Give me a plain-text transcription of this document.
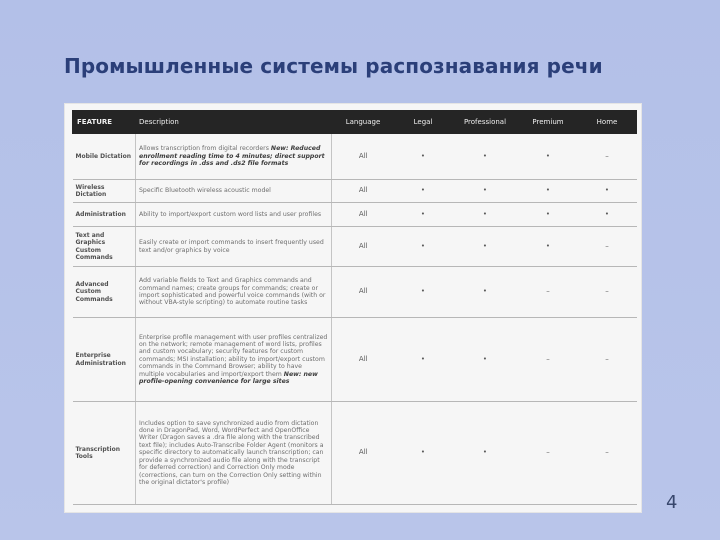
Промышленные системы распознавания речи
FEATURE	Description	Language	Legal	Professional	Premium	Home
Mobile Dictation	Allows transcription from digital recorders New: Reduced enrollment reading time to 4 minutes; direct support for recordings in .dss and .ds2 file formats	All	•	•	•	–
Wireless Dictation	Specific Bluetooth wireless acoustic model	All	•	•	•	•
Administration	Ability to import/export custom word lists and user profiles	All	•	•	•	•
Text and Graphics Custom Commands	Easily create or import commands to insert frequently used text and/or graphics by voice	All	•	•	•	–
Advanced Custom Commands	Add variable fields to Text and Graphics commands and command names; create groups for commands; create or import sophisticated and powerful voice commands (with or without VBA-style scripting) to automate routine tasks	All	•	•	–	–
Enterprise Administration	Enterprise profile management with user profiles centralized on the network; remote management of word lists, profiles and custom vocabulary; security features for custom commands; MSI installation; ability to import/export custom commands in the Command Browser; ability to have multiple vocabularies and import/export them New: new profile-opening convenience for large sites	All	•	•	–	–
Transcription Tools	Includes option to save synchronized audio from dictation done in DragonPad, Word, WordPerfect and OpenOffice Writer (Dragon saves a .dra file along with the transcribed text file); includes Auto-Transcribe Folder Agent (monitors a specific directory to automatically launch transcription; can provide a synchronized audio file along with the transcript for deferred correction) and Correction Only mode (corrections, can turn on the Correction Only setting within the original dictator's profile)	All	•	•	–	–
4
